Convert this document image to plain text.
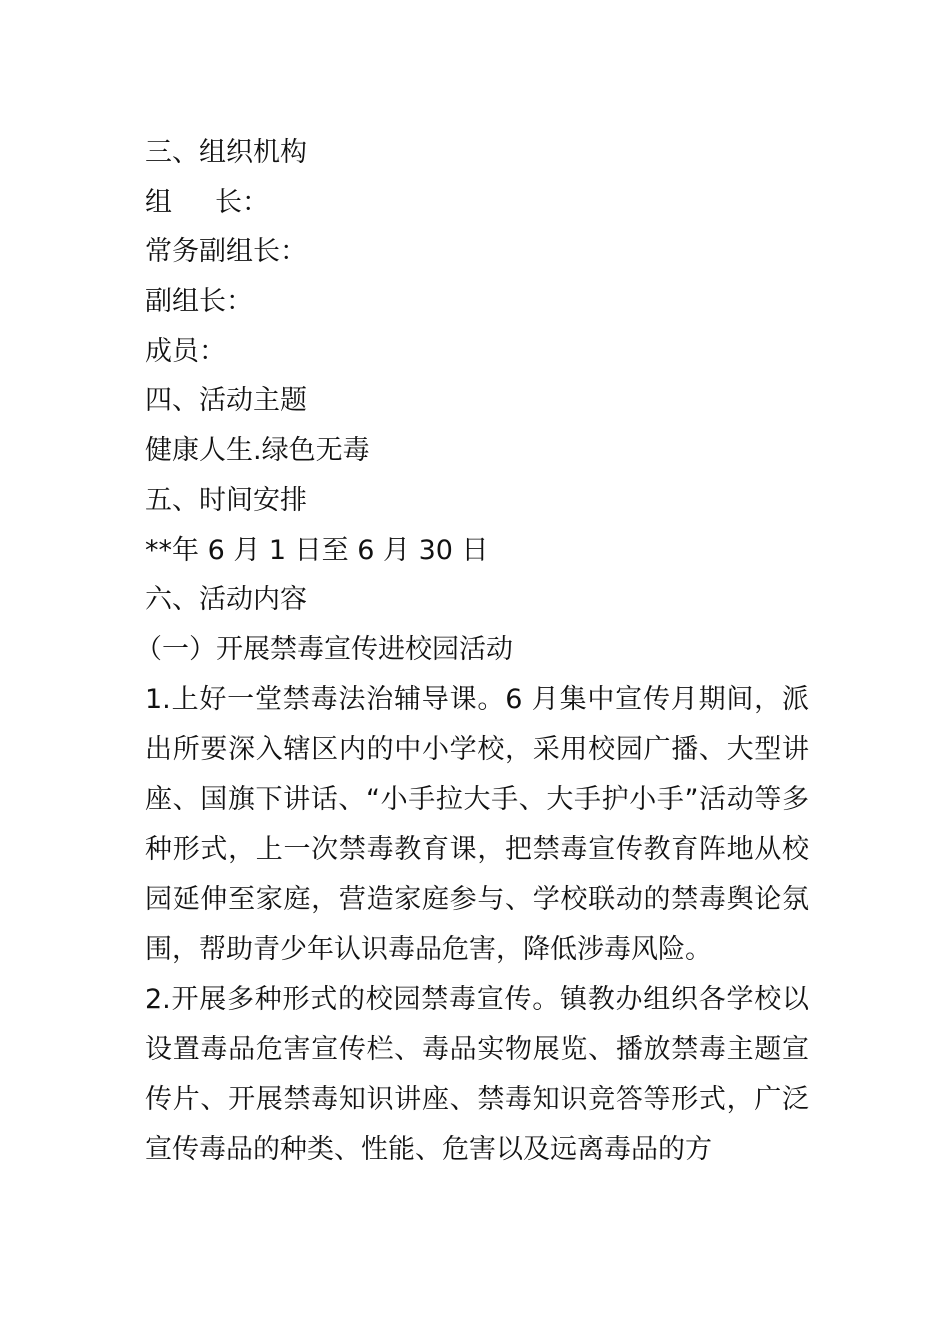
三、组织机构
组 长：
常务副组长：
副组长：
成员：
四、活动主题
健康人生.绿色无毒
五、时间安排
**年 6 月 1 日至 6 月 30 日
六、活动内容
（一）开展禁毒宣传进校园活动

1.上好一堂禁毒法治辅导课。6 月集中宣传月期间，派出所要深入辖区内的中小学校，采用校园广播、大型讲座、国旗下讲话、“小手拉大手、大手护小手”活动等多种形式，上一次禁毒教育课，把禁毒宣传教育阵地从校园延伸至家庭，营造家庭参与、学校联动的禁毒舆论氛围，帮助青少年认识毒品危害，降低涉毒风险。

2.开展多种形式的校园禁毒宣传。镇教办组织各学校以设置毒品危害宣传栏、毒品实物展览、播放禁毒主题宣传片、开展禁毒知识讲座、禁毒知识竞答等形式，广泛宣传毒品的种类、性能、危害以及远离毒品的方
